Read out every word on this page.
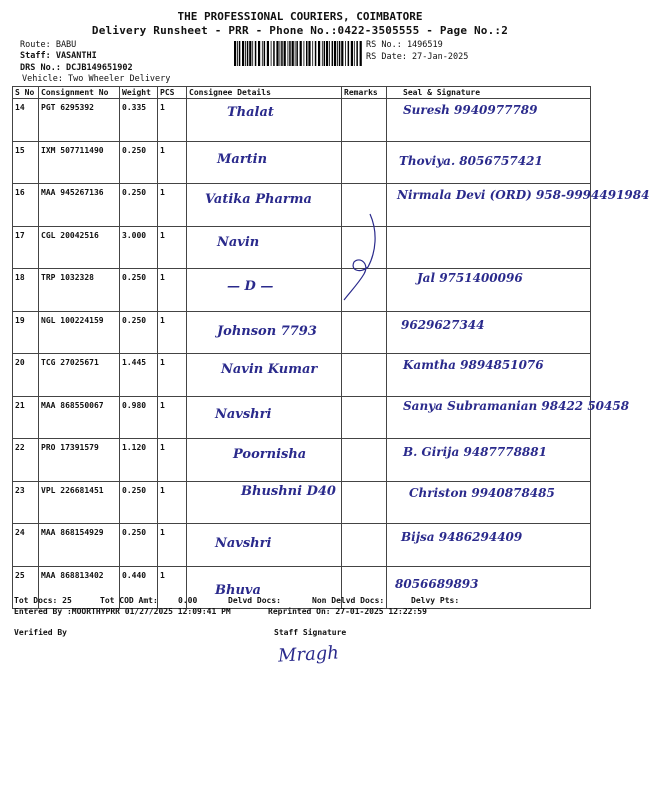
THE PROFESSIONAL COURIERS, COIMBATORE
Delivery Runsheet - PRR - Phone No.:0422-3505555 - Page No.:2
Route: BABU
Staff: VASANTHI
DRS No.: DCJB149651902
Vehicle: Two Wheeler Delivery
RS No.: 1496519
RS Date: 27-Jan-2025
S No	Consignment No	Weight	PCS	Consignee Details	Remarks	Seal & Signature
14	PGT 6295392	0.335	1	Thalat		Suresh 9940977789

15	IXM 507711490	0.250	1	Martin		Thoviya. 8056757421

16	MAA 945267136	0.250	1	Vatika Pharma		Nirmala Devi (ORD) 958-9994491984

17	CGL 20042516	3.000	1	Navin		

18	TRP 1032328	0.250	1	— D —		Jal 9751400096

19	NGL 100224159	0.250	1	Johnson 7793		9629627344

20	TCG 27025671	1.445	1	Navin Kumar		Kamtha 9894851076

21	MAA 868550067	0.980	1	Navshri		Sanya Subramanian 98422 50458

22	PRO 17391579	1.120	1	Poornisha		B. Girija 9487778881

23	VPL 226681451	0.250	1	Bhushni D40		Christon 9940878485

24	MAA 868154929	0.250	1	Navshri		Bijsa 9486294409

25	MAA 868813402	0.440	1	Bhuva		8056689893
Tot Docs: 25	Tot COD Amt:	0.00	Delvd Docs:	Non Delvd Docs:	Delvy Pts:
Entered By :MOORTHYPRR 01/27/2025 12:09:41 PM	Reprinted On: 27-01-2025 12:22:59
Verified By	Staff Signature
Mragh
